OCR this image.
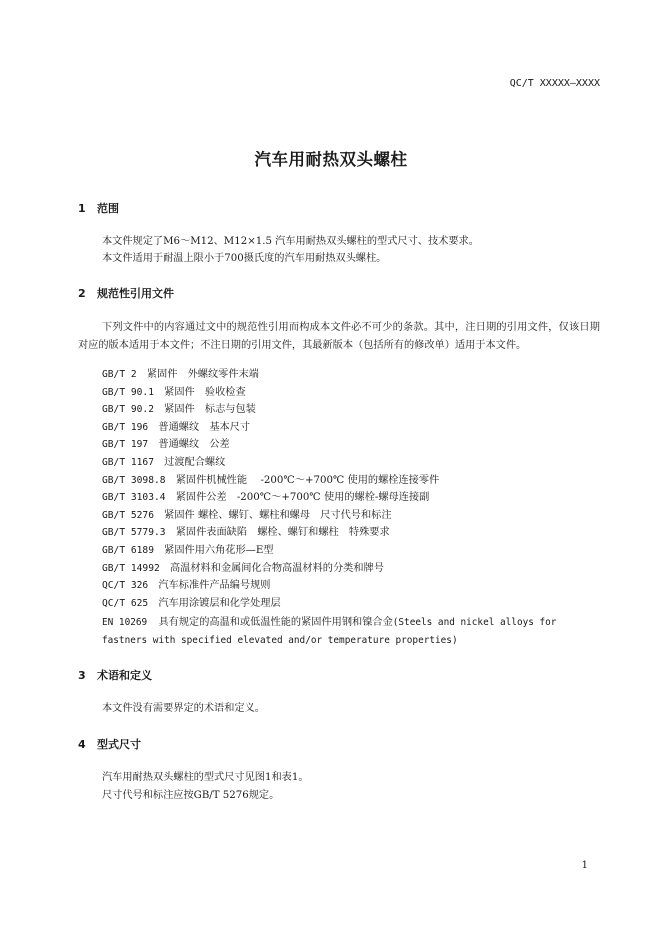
QC/T XXXXX—XXXX
汽车用耐热双头螺柱
1 范围
本文件规定了M6～M12、M12×1.5 汽车用耐热双头螺柱的型式尺寸、技术要求。
本文件适用于耐温上限小于700摄氏度的汽车用耐热双头螺柱。
2 规范性引用文件

下列文件中的内容通过文中的规范性引用而构成本文件必不可少的条款。其中，注日期的引用文件，仅该日期对应的版本适用于本文件；不注日期的引用文件，其最新版本（包括所有的修改单）适用于本文件。

GB/T 2   紧固件　外螺纹零件末端
GB/T 90.1   紧固件　验收检查
GB/T 90.2   紧固件　标志与包装
GB/T 196   普通螺纹　基本尺寸
GB/T 197   普通螺纹　公差
GB/T 1167   过渡配合螺纹
GB/T 3098.8   紧固件机械性能　 -200℃～+700℃ 使用的螺栓连接零件
GB/T 3103.4   紧固件公差　-200℃～+700℃ 使用的螺栓-螺母连接副
GB/T 5276   紧固件 螺栓、螺钉、螺柱和螺母　尺寸代号和标注
GB/T 5779.3   紧固件表面缺陷　螺栓、螺钉和螺柱　特殊要求
GB/T 6189   紧固件用六角花形—E型
GB/T 14992   高温材料和金属间化合物高温材料的分类和牌号
QC/T 326   汽车标准件产品编号规则
QC/T 625   汽车用涂镀层和化学处理层

EN 10269 具有规定的高温和或低温性能的紧固件用钢和镍合金(Steels and nickel alloys for fastners with specified elevated and/or temperature properties)

3 术语和定义
本文件没有需要界定的术语和定义。
4 型式尺寸
汽车用耐热双头螺柱的型式尺寸见图1和表1。
尺寸代号和标注应按GB/T 5276规定。
1
